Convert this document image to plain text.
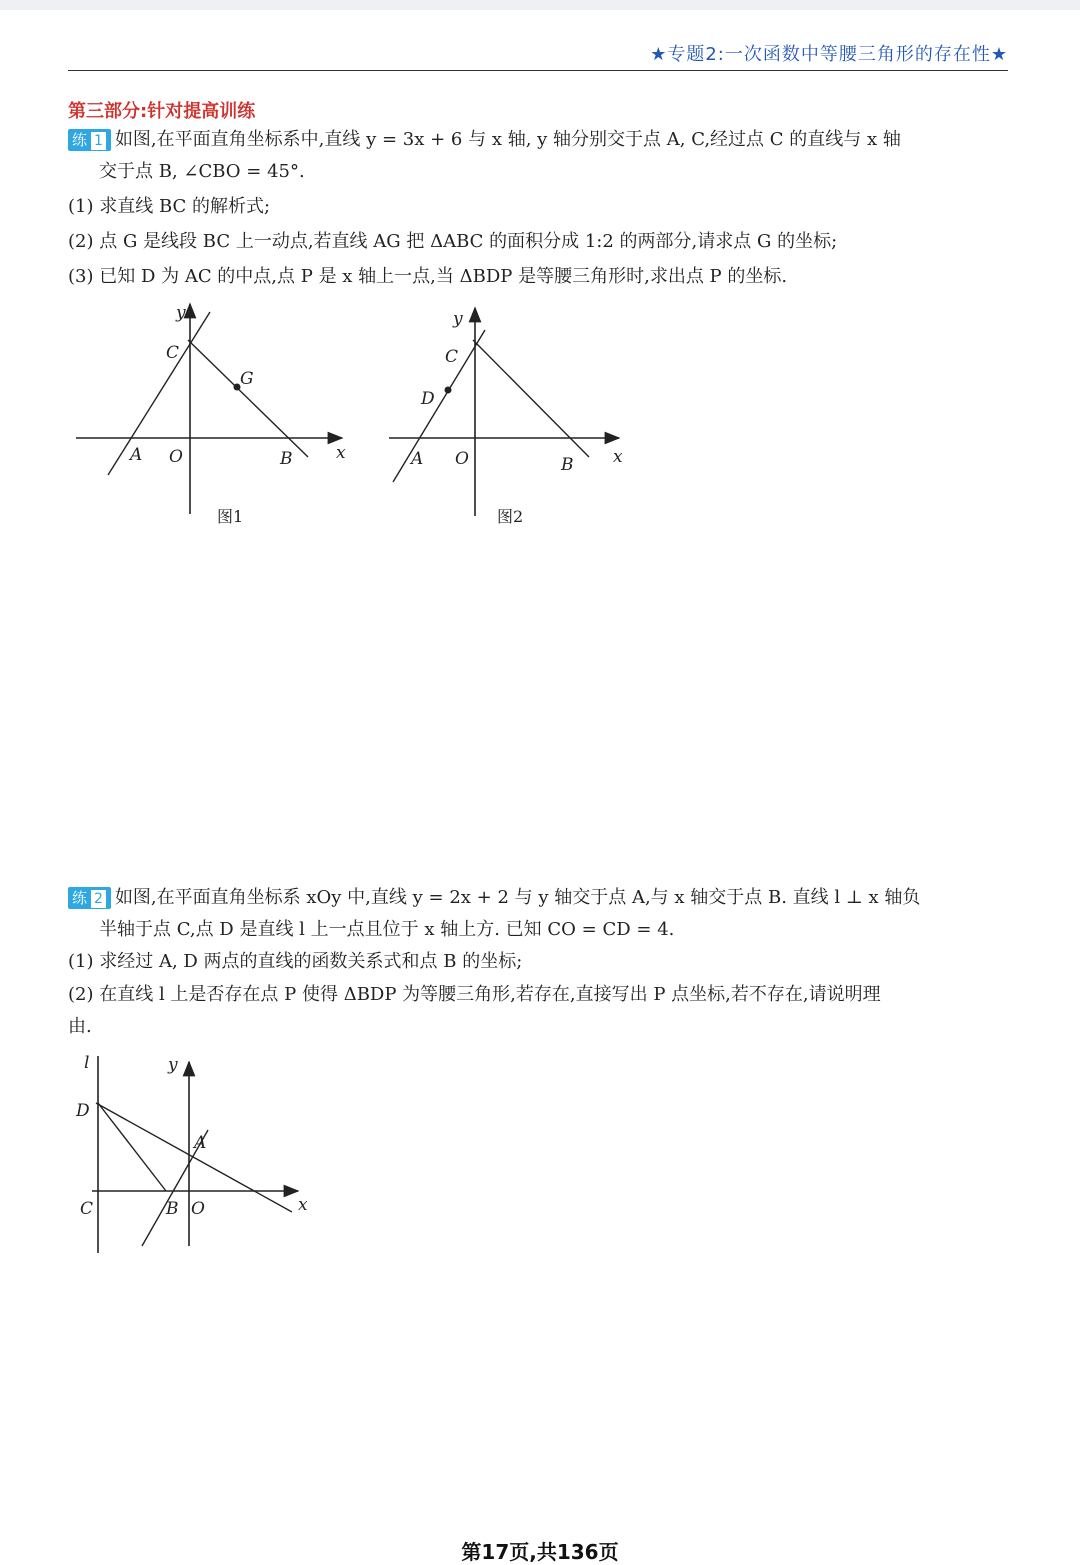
★专题2:一次函数中等腰三角形的存在性★
第三部分:针对提高训练
练 1 如图,在平面直角坐标系中,直线 y = 3x + 6 与 x 轴, y 轴分别交于点 A, C,经过点 C 的直线与 x 轴
交于点 B, ∠CBO = 45°.
(1) 求直线 BC 的解析式;
(2) 点 G 是线段 BC 上一动点,若直线 AG 把 ΔABC 的面积分成 1:2 的两部分,请求点 G 的坐标;
(3) 已知 D 为 AC 的中点,点 P 是 x 轴上一点,当 ΔBDP 是等腰三角形时,求出点 P 的坐标.
y
C
G
A O	B	x
图1
y
C
D
A O	B x
图2
练 2 如图,在平面直角坐标系 xOy 中,直线 y = 2x + 2 与 y 轴交于点 A,与 x 轴交于点 B. 直线 l ⊥ x 轴负
半轴于点 C,点 D 是直线 l 上一点且位于 x 轴上方. 已知 CO = CD = 4.
(1) 求经过 A, D 两点的直线的函数关系式和点 B 的坐标;
(2) 在直线 l 上是否存在点 P 使得 ΔBDP 为等腰三角形,若存在,直接写出 P 点坐标,若不存在,请说明理
由.
l	y
D
A
C	B O	x
第17页,共136页
